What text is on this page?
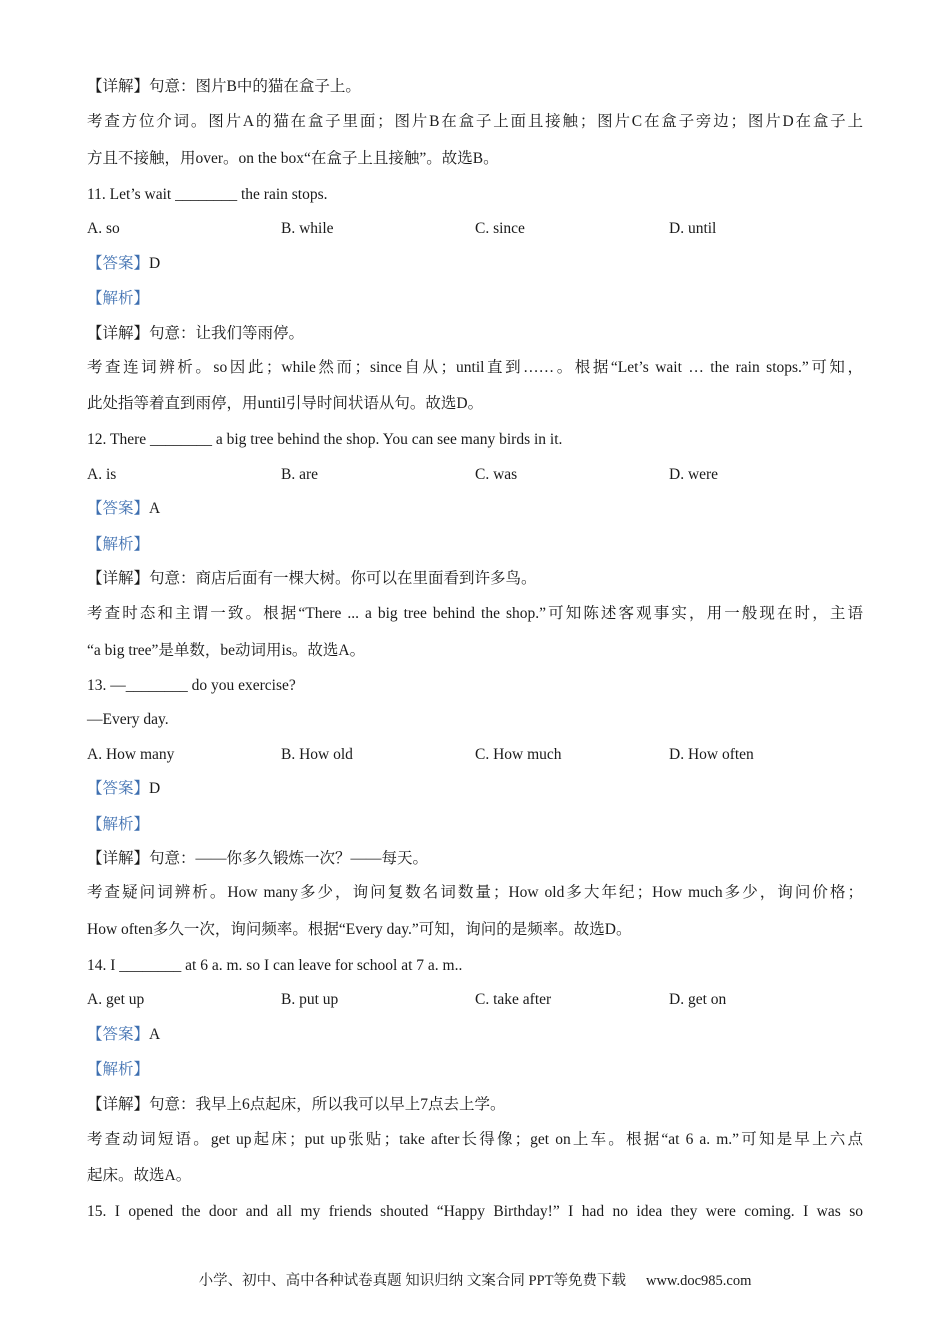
【详解】句意：图片B中的猫在盒子上。
考查方位介词。图片A的猫在盒子里面；图片B在盒子上面且接触；图片C在盒子旁边；图片D在盒子上
方且不接触，用over。on the box“在盒子上且接触”。故选B。
11. Let’s wait ________ the rain stops.
A. so	B. while	C. since	D. until
【答案】D
【解析】
【详解】句意：让我们等雨停。
考查连词辨析。so因此；while然而；since自从；until直到……。根据“Let’s wait … the rain stops.”可知，
此处指等着直到雨停，用until引导时间状语从句。故选D。
12. There ________ a big tree behind the shop. You can see many birds in it.
A. is	B. are	C. was	D. were
【答案】A
【解析】
【详解】句意：商店后面有一棵大树。你可以在里面看到许多鸟。
考查时态和主谓一致。根据“There ... a big tree behind the shop.”可知陈述客观事实，用一般现在时，主语
“a big tree”是单数，be动词用is。故选A。
13. —________ do you exercise?
—Every day.
A. How many	B. How old	C. How much	D. How often
【答案】D
【解析】
【详解】句意：——你多久锻炼一次？——每天。
考查疑问词辨析。How many多少，询问复数名词数量；How old多大年纪；How much多少，询问价格；
How often多久一次，询问频率。根据“Every day.”可知，询问的是频率。故选D。
14. I ________ at 6 a. m. so I can leave for school at 7 a. m..
A. get up	B. put up	C. take after	D. get on
【答案】A
【解析】
【详解】句意：我早上6点起床，所以我可以早上7点去上学。
考查动词短语。get up起床；put up张贴；take after长得像；get on上车。根据“at 6 a. m.”可知是早上六点
起床。故选A。
15. I opened the door and all my friends shouted “Happy Birthday!” I had no idea they were coming. I was so
小学、初中、高中各种试卷真题 知识归纳 文案合同 PPT等免费下载 www.doc985.com
